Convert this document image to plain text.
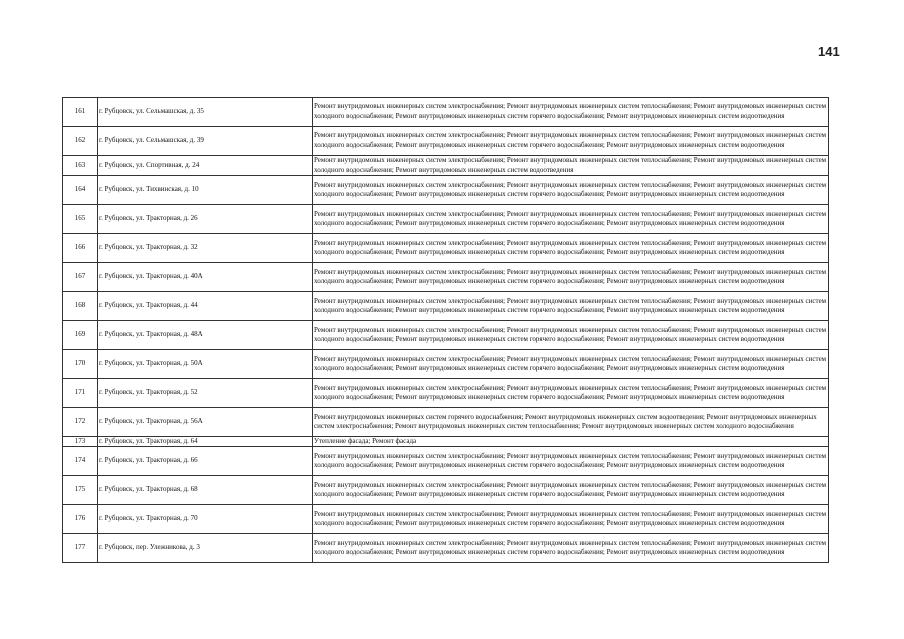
141
161	г. Рубцовск, ул. Сельмашская, д. 35	Ремонт внутридомовых инженерных систем электроснабжения; Ремонт внутридомовых инженерных систем теплоснабжения; Ремонт внутридомовых инженерных систем холодного водоснабжения; Ремонт внутридомовых инженерных систем горячего водоснабжения; Ремонт внутридомовых инженерных систем водоотведения
162	г. Рубцовск, ул. Сельмашская, д. 39	Ремонт внутридомовых инженерных систем электроснабжения; Ремонт внутридомовых инженерных систем теплоснабжения; Ремонт внутридомовых инженерных систем холодного водоснабжения; Ремонт внутридомовых инженерных систем горячего водоснабжения; Ремонт внутридомовых инженерных систем водоотведения
163	г. Рубцовск, ул. Спортивная, д. 24	Ремонт внутридомовых инженерных систем электроснабжения; Ремонт внутридомовых инженерных систем теплоснабжения; Ремонт внутридомовых инженерных систем холодного водоснабжения; Ремонт внутридомовых инженерных систем водоотведения
164	г. Рубцовск, ул. Тихвинская, д. 10	Ремонт внутридомовых инженерных систем электроснабжения; Ремонт внутридомовых инженерных систем теплоснабжения; Ремонт внутридомовых инженерных систем холодного водоснабжения; Ремонт внутридомовых инженерных систем горячего водоснабжения; Ремонт внутридомовых инженерных систем водоотведения
165	г. Рубцовск, ул. Тракторная, д. 26	Ремонт внутридомовых инженерных систем электроснабжения; Ремонт внутридомовых инженерных систем теплоснабжения; Ремонт внутридомовых инженерных систем холодного водоснабжения; Ремонт внутридомовых инженерных систем горячего водоснабжения; Ремонт внутридомовых инженерных систем водоотведения
166	г. Рубцовск, ул. Тракторная, д. 32	Ремонт внутридомовых инженерных систем электроснабжения; Ремонт внутридомовых инженерных систем теплоснабжения; Ремонт внутридомовых инженерных систем холодного водоснабжения; Ремонт внутридомовых инженерных систем горячего водоснабжения; Ремонт внутридомовых инженерных систем водоотведения
167	г. Рубцовск, ул. Тракторная, д. 40А	Ремонт внутридомовых инженерных систем электроснабжения; Ремонт внутридомовых инженерных систем теплоснабжения; Ремонт внутридомовых инженерных систем холодного водоснабжения; Ремонт внутридомовых инженерных систем горячего водоснабжения; Ремонт внутридомовых инженерных систем водоотведения
168	г. Рубцовск, ул. Тракторная, д. 44	Ремонт внутридомовых инженерных систем электроснабжения; Ремонт внутридомовых инженерных систем теплоснабжения; Ремонт внутридомовых инженерных систем холодного водоснабжения; Ремонт внутридомовых инженерных систем горячего водоснабжения; Ремонт внутридомовых инженерных систем водоотведения
169	г. Рубцовск, ул. Тракторная, д. 48А	Ремонт внутридомовых инженерных систем электроснабжения; Ремонт внутридомовых инженерных систем теплоснабжения; Ремонт внутридомовых инженерных систем холодного водоснабжения; Ремонт внутридомовых инженерных систем горячего водоснабжения; Ремонт внутридомовых инженерных систем водоотведения
170	г. Рубцовск, ул. Тракторная, д. 50А	Ремонт внутридомовых инженерных систем электроснабжения; Ремонт внутридомовых инженерных систем теплоснабжения; Ремонт внутридомовых инженерных систем холодного водоснабжения; Ремонт внутридомовых инженерных систем горячего водоснабжения; Ремонт внутридомовых инженерных систем водоотведения
171	г. Рубцовск, ул. Тракторная, д. 52	Ремонт внутридомовых инженерных систем электроснабжения; Ремонт внутридомовых инженерных систем теплоснабжения; Ремонт внутридомовых инженерных систем холодного водоснабжения; Ремонт внутридомовых инженерных систем горячего водоснабжения; Ремонт внутридомовых инженерных систем водоотведения
172	г. Рубцовск, ул. Тракторная, д. 56А	Ремонт внутридомовых инженерных систем горячего водоснабжения; Ремонт внутридомовых инженерных систем водоотведения; Ремонт внутридомовых инженерных систем электроснабжения; Ремонт внутридомовых инженерных систем теплоснабжения; Ремонт внутридомовых инженерных систем холодного водоснабжения
173	г. Рубцовск, ул. Тракторная, д. 64	Утепление фасада; Ремонт фасада
174	г. Рубцовск, ул. Тракторная, д. 66	Ремонт внутридомовых инженерных систем электроснабжения; Ремонт внутридомовых инженерных систем теплоснабжения; Ремонт внутридомовых инженерных систем холодного водоснабжения; Ремонт внутридомовых инженерных систем горячего водоснабжения; Ремонт внутридомовых инженерных систем водоотведения
175	г. Рубцовск, ул. Тракторная, д. 68	Ремонт внутридомовых инженерных систем электроснабжения; Ремонт внутридомовых инженерных систем теплоснабжения; Ремонт внутридомовых инженерных систем холодного водоснабжения; Ремонт внутридомовых инженерных систем горячего водоснабжения; Ремонт внутридомовых инженерных систем водоотведения
176	г. Рубцовск, ул. Тракторная, д. 70	Ремонт внутридомовых инженерных систем электроснабжения; Ремонт внутридомовых инженерных систем теплоснабжения; Ремонт внутридомовых инженерных систем холодного водоснабжения; Ремонт внутридомовых инженерных систем горячего водоснабжения; Ремонт внутридомовых инженерных систем водоотведения
177	г. Рубцовск, пер. Улежникова, д. 3	Ремонт внутридомовых инженерных систем электроснабжения; Ремонт внутридомовых инженерных систем теплоснабжения; Ремонт внутридомовых инженерных систем холодного водоснабжения; Ремонт внутридомовых инженерных систем горячего водоснабжения; Ремонт внутридомовых инженерных систем водоотведения
